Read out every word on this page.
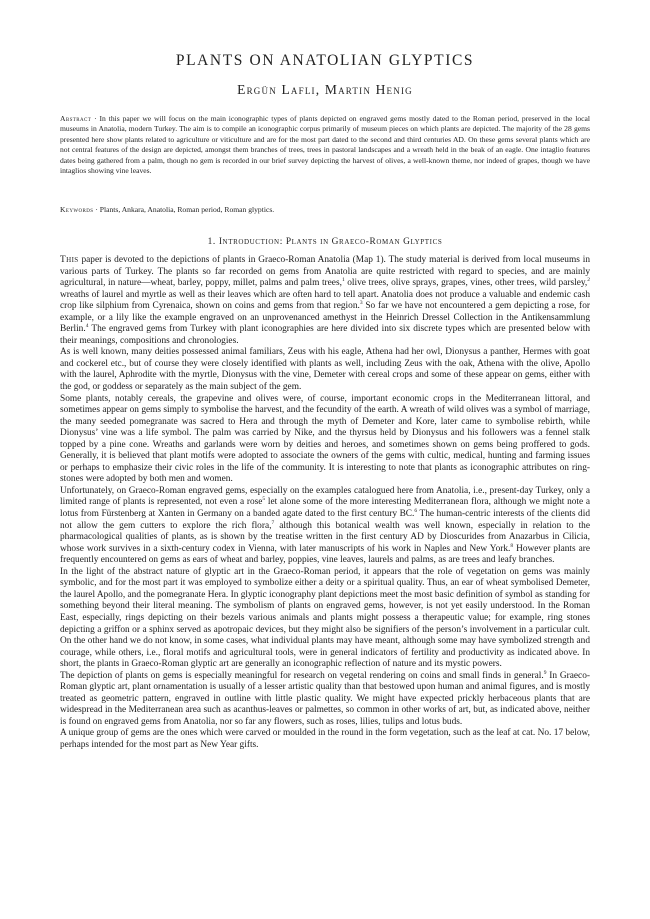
PLANTS ON ANATOLIAN GLYPTICS
Ergün Lafli, Martin Henig
Abstract · In this paper we will focus on the main iconographic types of plants depicted on engraved gems mostly dated to the Roman period, preserved in the local museums in Anatolia, modern Turkey. The aim is to compile an iconographic corpus primarily of museum pieces on which plants are depicted. The majority of the 28 gems presented here show plants related to agriculture or viticulture and are for the most part dated to the second and third centuries AD. On these gems several plants which are not central features of the design are depicted, amongst them branches of trees, trees in pastoral landscapes and a wreath held in the beak of an eagle. One intaglio features dates being gathered from a palm, though no gem is recorded in our brief survey depicting the harvest of olives, a well-known theme, nor indeed of grapes, though we have intaglios showing vine leaves.
Keywords · Plants, Ankara, Anatolia, Roman period, Roman glyptics.
1. Introduction: Plants in Graeco-Roman Glyptics

This paper is devoted to the depictions of plants in Graeco-Roman Anatolia (Map 1). The study material is derived from local museums in various parts of Turkey. The plants so far recorded on gems from Anatolia are quite restricted with regard to species, and are mainly agricultural, in nature—wheat, barley, poppy, millet, palms and palm trees,$^1$ olive trees, olive sprays, grapes, vines, other trees, wild parsley,$^2$ wreaths of laurel and myrtle as well as their leaves which are often hard to tell apart. Anatolia does not produce a valuable and endemic cash crop like silphium from Cyrenaica, shown on coins and gems from that region.$^3$ So far we have not encountered a gem depicting a rose, for example, or a lily like the example engraved on an unprovenanced amethyst in the Heinrich Dressel Collection in the Antikensammlung Berlin.$^4$ The engraved gems from Turkey with plant iconographies are here divided into six discrete types which are presented below with their meanings, compositions and chronologies.

As is well known, many deities possessed animal familiars, Zeus with his eagle, Athena had her owl, Dionysus a panther, Hermes with goat and cockerel etc., but of course they were closely identified with plants as well, including Zeus with the oak, Athena with the olive, Apollo with the laurel, Aphrodite with the myrtle, Dionysus with the vine, Demeter with cereal crops and some of these appear on gems, either with the god, or goddess or separately as the main subject of the gem.

Some plants, notably cereals, the grapevine and olives were, of course, important economic crops in the Mediterranean littoral, and sometimes appear on gems simply to symbolise the harvest, and the fecundity of the earth. A wreath of wild olives was a symbol of marriage, the many seeded pomegranate was sacred to Hera and through the myth of Demeter and Kore, later came to symbolise rebirth, while Dionysus’ vine was a life symbol. The palm was carried by Nike, and the thyrsus held by Dionysus and his followers was a fennel stalk topped by a pine cone. Wreaths and garlands were worn by deities and heroes, and sometimes shown on gems being proffered to gods. Generally, it is believed that plant motifs were adopted to associate the owners of the gems with cultic, medical, hunting and farming issues or perhaps to emphasize their civic roles in the life of the community. It is interesting to note that plants as iconographic attributes on ring-stones were adopted by both men and women.

Unfortunately, on Graeco-Roman engraved gems, especially on the examples catalogued here from Anatolia, i.e., present-day Turkey, only a limited range of plants is represented, not even a rose$^5$ let alone some of the more interesting Mediterranean flora, although we might note a lotus from Fürstenberg at Xanten in Germany on a banded agate dated to the first century BC.$^6$ The human-centric interests of the clients did not allow the gem cutters to explore the rich flora,$^7$ although this botanical wealth was well known, especially in relation to the pharmacological qualities of plants, as is shown by the treatise written in the first century AD by Dioscurides from Anazarbus in Cilicia, whose work survives in a sixth-century codex in Vienna, with later manuscripts of his work in Naples and New York.$^8$ However plants are frequently encountered on gems as ears of wheat and barley, poppies, vine leaves, laurels and palms, as are trees and leafy branches.

In the light of the abstract nature of glyptic art in the Graeco-Roman period, it appears that the role of vegetation on gems was mainly symbolic, and for the most part it was employed to symbolize either a deity or a spiritual quality. Thus, an ear of wheat symbolised Demeter, the laurel Apollo, and the pomegranate Hera. In glyptic iconography plant depictions meet the most basic definition of symbol as standing for something beyond their literal meaning. The symbolism of plants on engraved gems, however, is not yet easily understood. In the Roman East, especially, rings depicting on their bezels various animals and plants might possess a therapeutic value; for example, ring stones depicting a griffon or a sphinx served as apotropaic devices, but they might also be signifiers of the person’s involvement in a particular cult. On the other hand we do not know, in some cases, what individual plants may have meant, although some may have symbolized strength and courage, while others, i.e., floral motifs and agricultural tools, were in general indicators of fertility and productivity as indicated above. In short, the plants in Graeco-Roman glyptic art are generally an iconographic reflection of nature and its mystic powers.

The depiction of plants on gems is especially meaningful for research on vegetal rendering on coins and small finds in general.$^9$ In Graeco-Roman glyptic art, plant ornamentation is usually of a lesser artistic quality than that bestowed upon human and animal figures, and is mostly treated as geometric pattern, engraved in outline with little plastic quality. We might have expected prickly herbaceous plants that are widespread in the Mediterranean area such as acanthus-leaves or palmettes, so common in other works of art, but, as indicated above, neither is found on engraved gems from Anatolia, nor so far any flowers, such as roses, lilies, tulips and lotus buds.

A unique group of gems are the ones which were carved or moulded in the round in the form vegetation, such as the leaf at cat. No. 17 below, perhaps intended for the most part as New Year gifts.
